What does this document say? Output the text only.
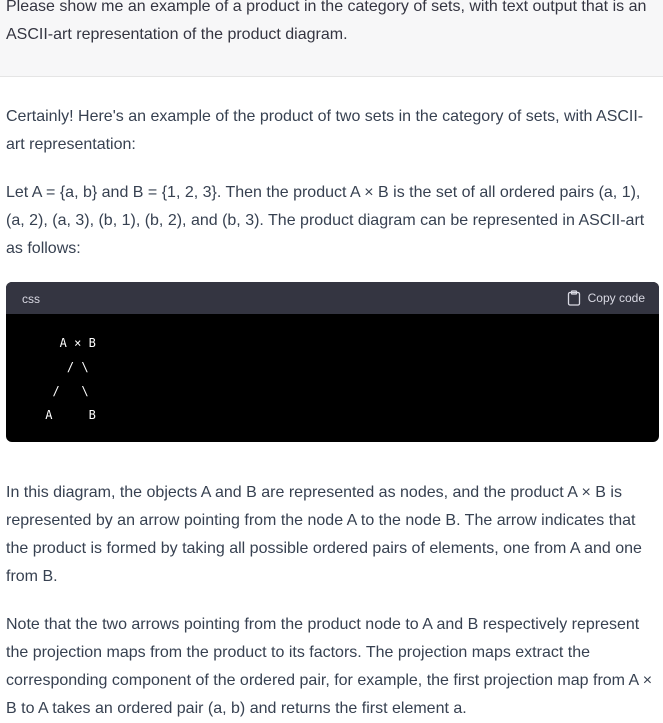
Please show me an example of a product in the category of sets, with text output that is an ASCII-art representation of the product diagram.

Certainly! Here's an example of the product of two sets in the category of sets, with ASCII-art representation:

Let A = {a, b} and B = {1, 2, 3}. Then the product A × B is the set of all ordered pairs (a, 1), (a, 2), (a, 3), (b, 1), (b, 2), and (b, 3). The product diagram can be represented in ASCII-art as follows:

css	Copy code
A × B
/ \
/   \
A     B

In this diagram, the objects A and B are represented as nodes, and the product A × B is represented by an arrow pointing from the node A to the node B. The arrow indicates that the product is formed by taking all possible ordered pairs of elements, one from A and one from B.

Note that the two arrows pointing from the product node to A and B respectively represent the projection maps from the product to its factors. The projection maps extract the corresponding component of the ordered pair, for example, the first projection map from A × B to A takes an ordered pair (a, b) and returns the first element a.
